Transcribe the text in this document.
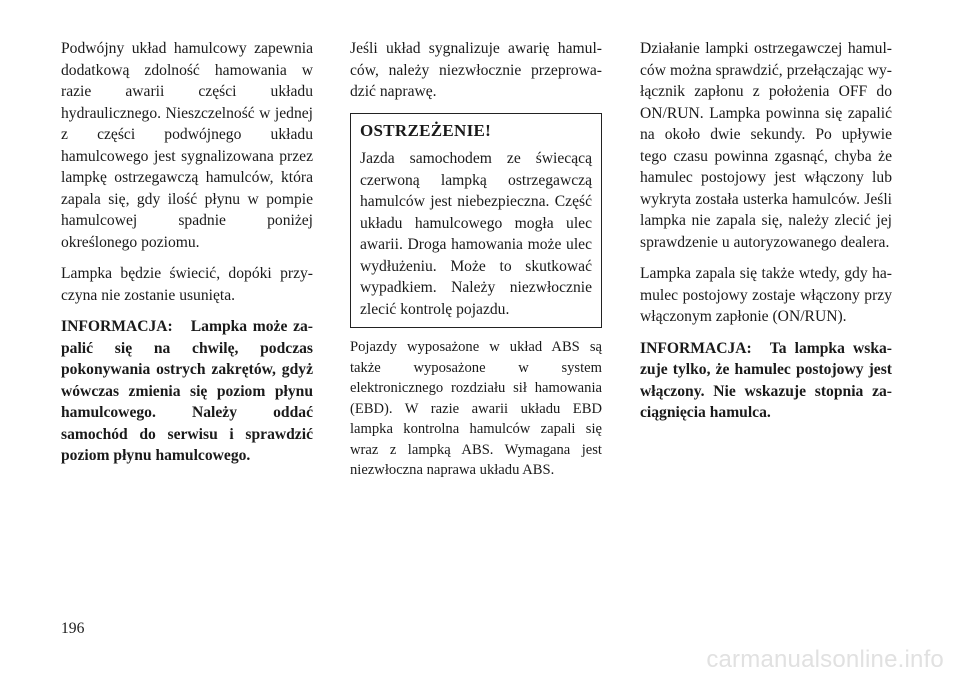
Podwójny układ hamulcowy zapewnia dodatkową zdolność hamowania w razie awarii części układu hydraulicznego. Nieszczelność w jednej z części podwójnego układu hamulcowego jest sygnalizowana przez lampkę ostrzegawczą hamulców, która zapala się, gdy ilość płynu w pompie hamulcowej spadnie poniżej określonego poziomu.

Lampka będzie świecić, dopóki przyczyna nie zostanie usunięta.

INFORMACJA: Lampka może zapalić się na chwilę, podczas pokonywania ostrych zakrętów, gdyż wówczas zmienia się poziom płynu hamulcowego. Należy oddać samochód do serwisu i sprawdzić poziom płynu hamulcowego.

Jeśli układ sygnalizuje awarię hamulców, należy niezwłocznie przeprowadzić naprawę.

OSTRZEŻENIE!

Jazda samochodem ze świecącą czerwoną lampką ostrzegawczą hamulców jest niebezpieczna. Część układu hamulcowego mogła ulec awarii. Droga hamowania może ulec wydłużeniu. Może to skutkować wypadkiem. Należy niezwłocznie zlecić kontrolę pojazdu.

Pojazdy wyposażone w układ ABS są także wyposażone w system elektronicznego rozdziału sił hamowania (EBD). W razie awarii układu EBD lampka kontrolna hamulców zapali się wraz z lampką ABS. Wymagana jest niezwłoczna naprawa układu ABS.

Działanie lampki ostrzegawczej hamulców można sprawdzić, przełączając wyłącznik zapłonu z położenia OFF do ON/RUN. Lampka powinna się zapalić na około dwie sekundy. Po upływie tego czasu powinna zgasnąć, chyba że hamulec postojowy jest włączony lub wykryta została usterka hamulców. Jeśli lampka nie zapala się, należy zlecić jej sprawdzenie u autoryzowanego dealera.

Lampka zapala się także wtedy, gdy hamulec postojowy zostaje włączony przy włączonym zapłonie (ON/RUN).

INFORMACJA: Ta lampka wskazuje tylko, że hamulec postojowy jest włączony. Nie wskazuje stopnia zaciągnięcia hamulca.

196
carmanualsonline.info
